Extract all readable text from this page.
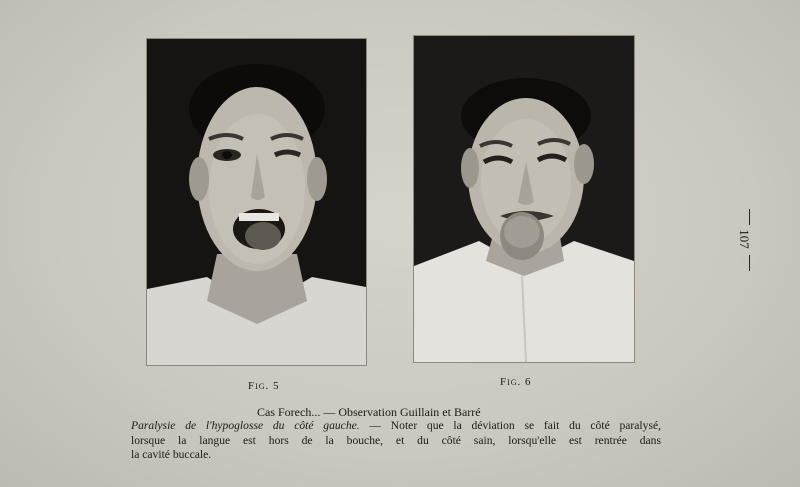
Fig. 5	Fig. 6
107
Cas Forech... — Observation Guillain et Barré
Paralysie de l'hypoglosse du côté gauche. — Noter que la déviation se fait du côté paralysé,
lorsque la langue est hors de la bouche, et du côté sain, lorsqu'elle est rentrée dans
la cavité buccale.
